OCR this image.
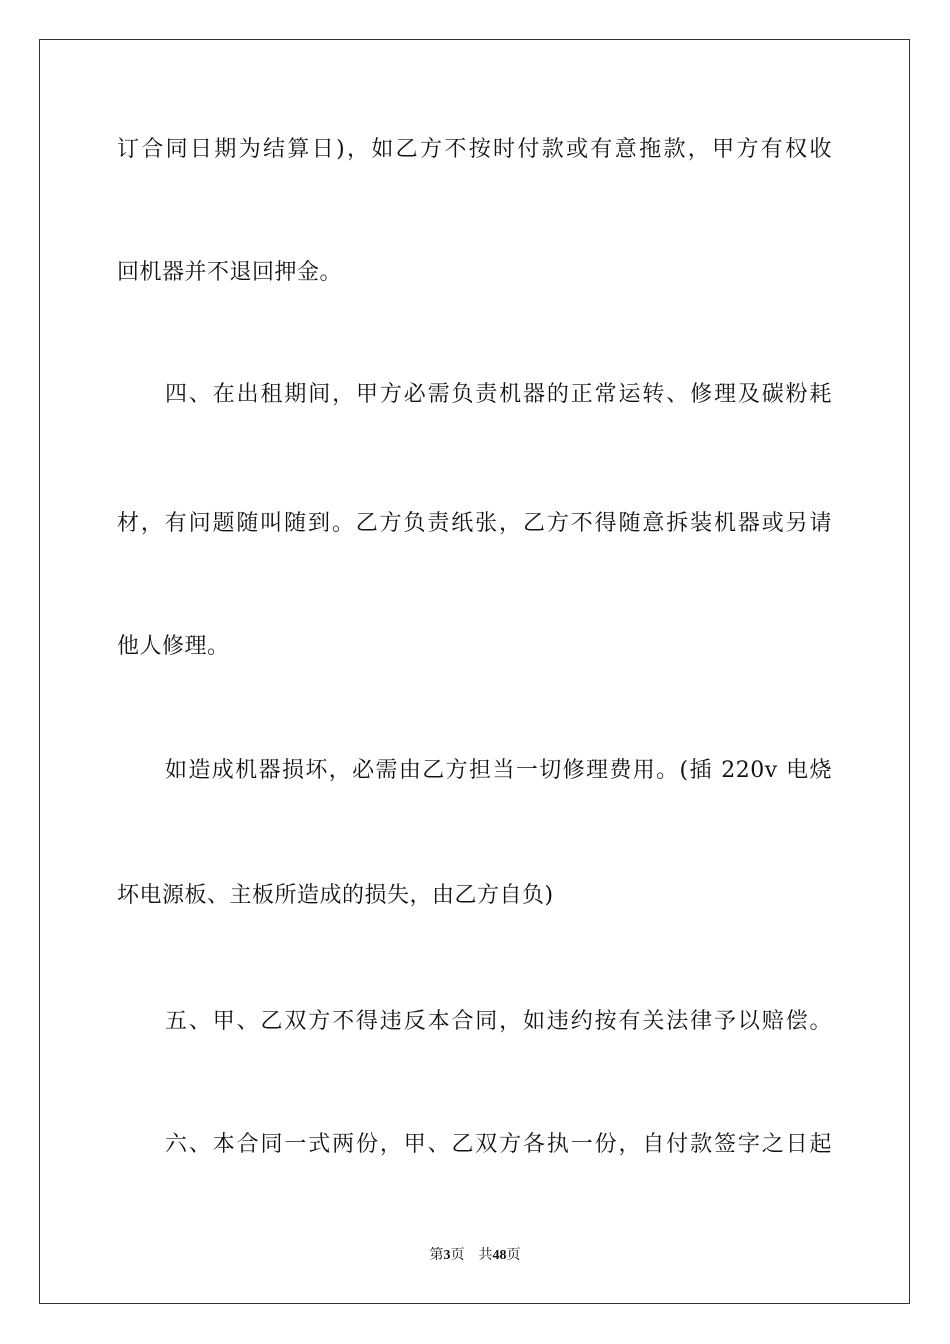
订合同日期为结算日)，如乙方不按时付款或有意拖款，甲方有权收
回机器并不退回押金。
四、在出租期间，甲方必需负责机器的正常运转、修理及碳粉耗
材，有问题随叫随到。乙方负责纸张，乙方不得随意拆装机器或另请
他人修理。
如造成机器损坏，必需由乙方担当一切修理费用。(插 220v 电烧
坏电源板、主板所造成的损失，由乙方自负)
五、甲、乙双方不得违反本合同，如违约按有关法律予以赔偿。
六、本合同一式两份，甲、乙双方各执一份，自付款签字之日起
第3页 共48页
